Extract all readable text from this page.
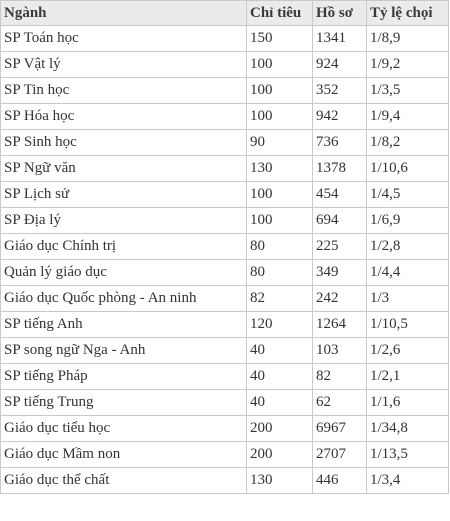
Ngành	Chỉ tiêu	Hồ sơ	Tỷ lệ chọi
SP Toán học	150	1341	1/8,9
SP Vật lý	100	924	1/9,2
SP Tin học	100	352	1/3,5
SP Hóa học	100	942	1/9,4
SP Sinh học	90	736	1/8,2
SP Ngữ văn	130	1378	1/10,6
SP Lịch sử	100	454	1/4,5
SP Địa lý	100	694	1/6,9
Giáo dục Chính trị	80	225	1/2,8
Quản lý giáo dục	80	349	1/4,4
Giáo dục Quốc phòng - An ninh	82	242	1/3
SP tiếng Anh	120	1264	1/10,5
SP song ngữ Nga - Anh	40	103	1/2,6
SP tiếng Pháp	40	82	1/2,1
SP tiếng Trung	40	62	1/1,6
Giáo dục tiểu học	200	6967	1/34,8
Giáo dục Mầm non	200	2707	1/13,5
Giáo dục thể chất	130	446	1/3,4
